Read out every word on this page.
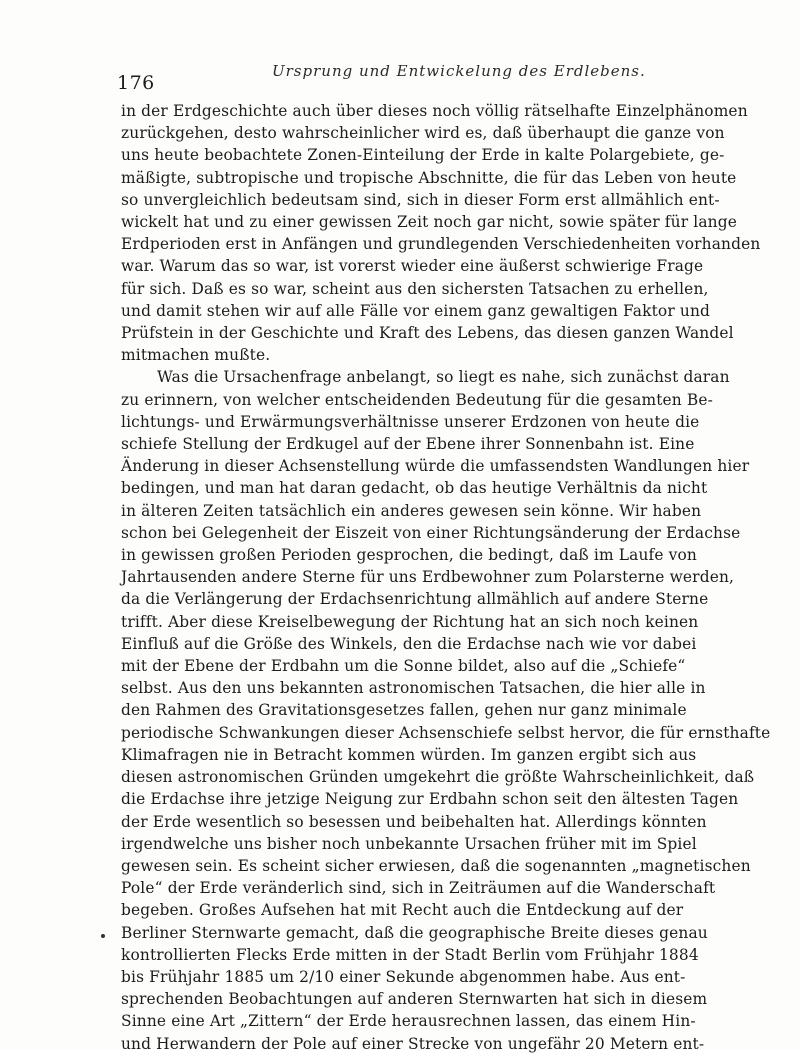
176
Ursprung und Entwickelung des Erdlebens.
in der Erdgeschichte auch über dieses noch völlig rätselhafte Einzelphänomen
zurückgehen, desto wahrscheinlicher wird es, daß überhaupt die ganze von
uns heute beobachtete Zonen-Einteilung der Erde in kalte Polargebiete, ge-
mäßigte, subtropische und tropische Abschnitte, die für das Leben von heute
so unvergleichlich bedeutsam sind, sich in dieser Form erst allmählich ent-
wickelt hat und zu einer gewissen Zeit noch gar nicht, sowie später für lange
Erdperioden erst in Anfängen und grundlegenden Verschiedenheiten vorhanden
war. Warum das so war, ist vorerst wieder eine äußerst schwierige Frage
für sich. Daß es so war, scheint aus den sichersten Tatsachen zu erhellen,
und damit stehen wir auf alle Fälle vor einem ganz gewaltigen Faktor und
Prüfstein in der Geschichte und Kraft des Lebens, das diesen ganzen Wandel
mitmachen mußte.
Was die Ursachenfrage anbelangt, so liegt es nahe, sich zunächst daran
zu erinnern, von welcher entscheidenden Bedeutung für die gesamten Be-
lichtungs- und Erwärmungsverhältnisse unserer Erdzonen von heute die
schiefe Stellung der Erdkugel auf der Ebene ihrer Sonnenbahn ist. Eine
Änderung in dieser Achsenstellung würde die umfassendsten Wandlungen hier
bedingen, und man hat daran gedacht, ob das heutige Verhältnis da nicht
in älteren Zeiten tatsächlich ein anderes gewesen sein könne. Wir haben
schon bei Gelegenheit der Eiszeit von einer Richtungsänderung der Erdachse
in gewissen großen Perioden gesprochen, die bedingt, daß im Laufe von
Jahrtausenden andere Sterne für uns Erdbewohner zum Polarsterne werden,
da die Verlängerung der Erdachsenrichtung allmählich auf andere Sterne
trifft. Aber diese Kreiselbewegung der Richtung hat an sich noch keinen
Einfluß auf die Größe des Winkels, den die Erdachse nach wie vor dabei
mit der Ebene der Erdbahn um die Sonne bildet, also auf die „Schiefe“
selbst. Aus den uns bekannten astronomischen Tatsachen, die hier alle in
den Rahmen des Gravitationsgesetzes fallen, gehen nur ganz minimale
periodische Schwankungen dieser Achsenschiefe selbst hervor, die für ernsthafte
Klimafragen nie in Betracht kommen würden. Im ganzen ergibt sich aus
diesen astronomischen Gründen umgekehrt die größte Wahrscheinlichkeit, daß
die Erdachse ihre jetzige Neigung zur Erdbahn schon seit den ältesten Tagen
der Erde wesentlich so besessen und beibehalten hat. Allerdings könnten
irgendwelche uns bisher noch unbekannte Ursachen früher mit im Spiel
gewesen sein. Es scheint sicher erwiesen, daß die sogenannten „magnetischen
Pole“ der Erde veränderlich sind, sich in Zeiträumen auf die Wanderschaft
begeben. Großes Aufsehen hat mit Recht auch die Entdeckung auf der
Berliner Sternwarte gemacht, daß die geographische Breite dieses genau
kontrollierten Flecks Erde mitten in der Stadt Berlin vom Frühjahr 1884
bis Frühjahr 1885 um 2/10 einer Sekunde abgenommen habe. Aus ent-
sprechenden Beobachtungen auf anderen Sternwarten hat sich in diesem
Sinne eine Art „Zittern“ der Erde herausrechnen lassen, das einem Hin-
und Herwandern der Pole auf einer Strecke von ungefähr 20 Metern ent-
